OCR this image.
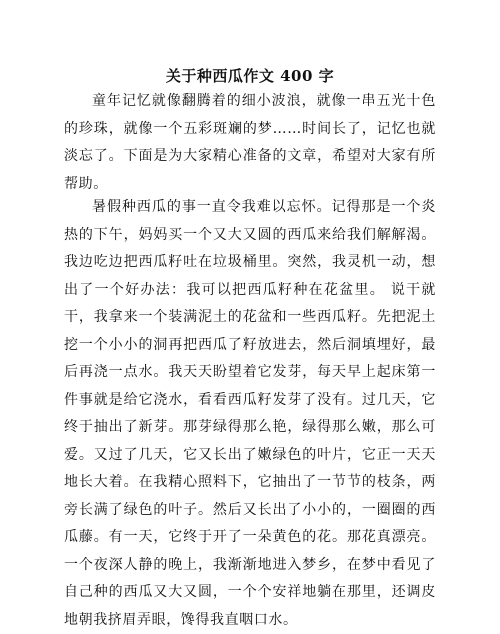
关于种西瓜作文 400 字
童年记忆就像翻腾着的细小波浪，就像一串五光十色的珍珠，就像一个五彩斑斓的梦……时间长了，记忆也就淡忘了。下面是为大家精心准备的文章，希望对大家有所帮助。
暑假种西瓜的事一直令我难以忘怀。记得那是一个炎热的下午，妈妈买一个又大又圆的西瓜来给我们解解渴。我边吃边把西瓜籽吐在垃圾桶里。突然，我灵机一动，想出了一个好办法：我可以把西瓜籽种在花盆里。 说干就干，我拿来一个装满泥土的花盆和一些西瓜籽。先把泥土挖一个小小的洞再把西瓜了籽放进去，然后洞填埋好，最后再浇一点水。我天天盼望着它发芽，每天早上起床第一件事就是给它浇水，看看西瓜籽发芽了没有。过几天，它终于抽出了新芽。那芽绿得那么艳，绿得那么嫩，那么可爱。又过了几天，它又长出了嫩绿色的叶片，它正一天天地长大着。在我精心照料下，它抽出了一节节的枝条，两旁长满了绿色的叶子。然后又长出了小小的，一圈圈的西瓜藤。有一天，它终于开了一朵黄色的花。那花真漂亮。 一个夜深人静的晚上，我渐渐地进入梦乡，在梦中看见了自己种的西瓜又大又圆，一个个安祥地躺在那里，还调皮地朝我挤眉弄眼，馋得我直咽口水。
